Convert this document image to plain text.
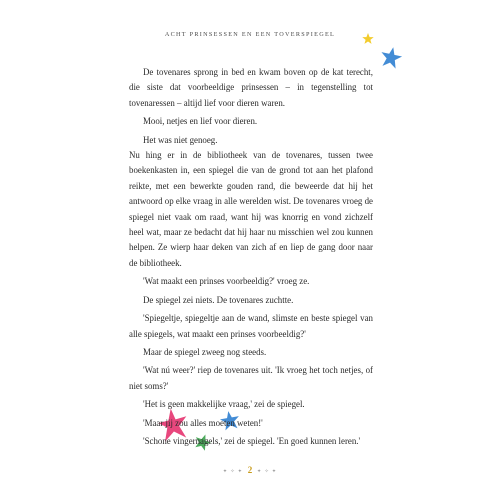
ACHT PRINSESSEN EN EEN TOVERSPIEGEL

De tovenares sprong in bed en kwam boven op de kat terecht, die siste dat voorbeeldige prinsessen – in tegenstelling tot tovenaressen – altijd lief voor dieren waren.

Mooi, netjes en lief voor dieren.

Het was niet genoeg.

Nu hing er in de bibliotheek van de tovenares, tussen twee boekenkasten in, een spiegel die van de grond tot aan het plafond reikte, met een bewerkte gouden rand, die beweerde dat hij het antwoord op elke vraag in alle werelden wist. De tovenares vroeg de spiegel niet vaak om raad, want hij was knorrig en vond zichzelf heel wat, maar ze bedacht dat hij haar nu misschien wel zou kunnen helpen. Ze wierp haar deken van zich af en liep de gang door naar de bibliotheek.

'Wat maakt een prinses voorbeeldig?' vroeg ze.

De spiegel zei niets. De tovenares zuchtte.

'Spiegeltje, spiegeltje aan de wand, slimste en beste spiegel van alle spiegels, wat maakt een prinses voorbeeldig?'

Maar de spiegel zweeg nog steeds.

'Wat nú weer?' riep de tovenares uit. 'Ik vroeg het toch netjes, of niet soms?'

'Het is geen makkelijke vraag,' zei de spiegel.

'Maar jij zou alles moeten weten!'

'Schone vingernagels,' zei de spiegel. 'En goed kunnen leren.'

✦ ✧ ✦ 2 ✦ ✧ ✦
